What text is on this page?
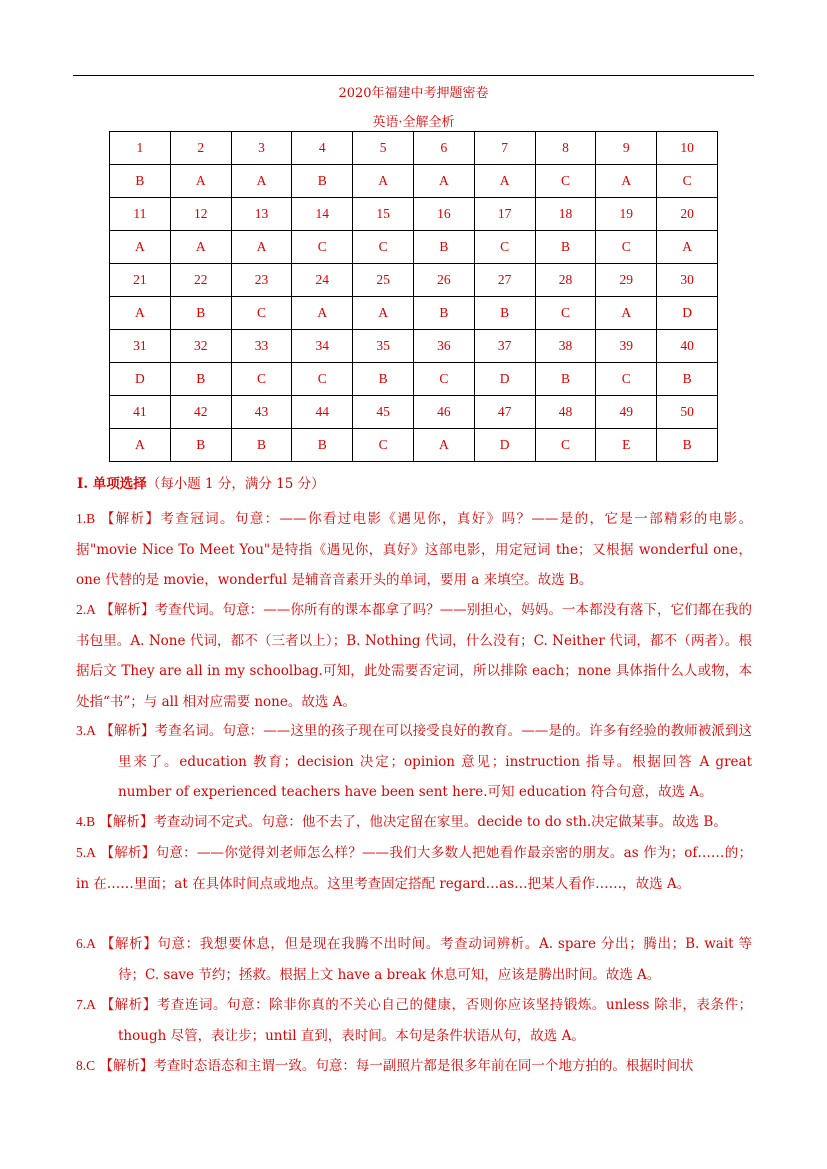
2020年福建中考押题密卷
英语·全解全析
1	2	3	4	5	6	7	8	9	10
B	A	A	B	A	A	A	C	A	C
11	12	13	14	15	16	17	18	19	20
A	A	A	C	C	B	C	B	C	A
21	22	23	24	25	26	27	28	29	30
A	B	C	A	A	B	B	C	A	D
31	32	33	34	35	36	37	38	39	40
D	B	C	C	B	C	D	B	C	B
41	42	43	44	45	46	47	48	49	50
A	B	B	B	C	A	D	C	E	B
I. 单项选择（每小题 1 分，满分 15 分）
1.B 【解析】考查冠词。句意：——你看过电影《遇见你，真好》吗？——是的，它是一部精彩的电影。据"movie Nice To Meet You"是特指《遇见你，真好》这部电影，用定冠词 the；又根据 wonderful one，one 代替的是 movie，wonderful 是辅音音素开头的单词，要用 a 来填空。故选 B。
2.A 【解析】考查代词。句意：——你所有的课本都拿了吗？——别担心，妈妈。一本都没有落下，它们都在我的书包里。A. None 代词，都不（三者以上）；B. Nothing 代词，什么没有；C. Neither 代词，都不（两者）。根据后文 They are all in my schoolbag.可知，此处需要否定词，所以排除 each；none 具体指什么人或物，本处指“书”；与 all 相对应需要 none。故选 A。
3.A 【解析】考查名词。句意：——这里的孩子现在可以接受良好的教育。——是的。许多有经验的教师被派到这里来了。education 教育；decision 决定；opinion 意见；instruction 指导。根据回答 A great number of experienced teachers have been sent here.可知 education 符合句意，故选 A。
4.B 【解析】考查动词不定式。句意：他不去了，他决定留在家里。decide to do sth.决定做某事。故选 B。
5.A 【解析】句意：——你觉得刘老师怎么样？——我们大多数人把她看作最亲密的朋友。as 作为；of……的；in 在……里面；at 在具体时间点或地点。这里考查固定搭配 regard…as…把某人看作……，故选 A。
6.A 【解析】句意：我想要休息，但是现在我腾不出时间。考查动词辨析。A. spare 分出；腾出；B. wait 等待；C. save 节约；拯救。根据上文 have a break 休息可知，应该是腾出时间。故选 A。
7.A 【解析】考查连词。句意：除非你真的不关心自己的健康，否则你应该坚持锻炼。unless 除非，表条件；though 尽管，表让步；until 直到，表时间。本句是条件状语从句，故选 A。
8.C 【解析】考查时态语态和主谓一致。句意：每一副照片都是很多年前在同一个地方拍的。根据时间状
